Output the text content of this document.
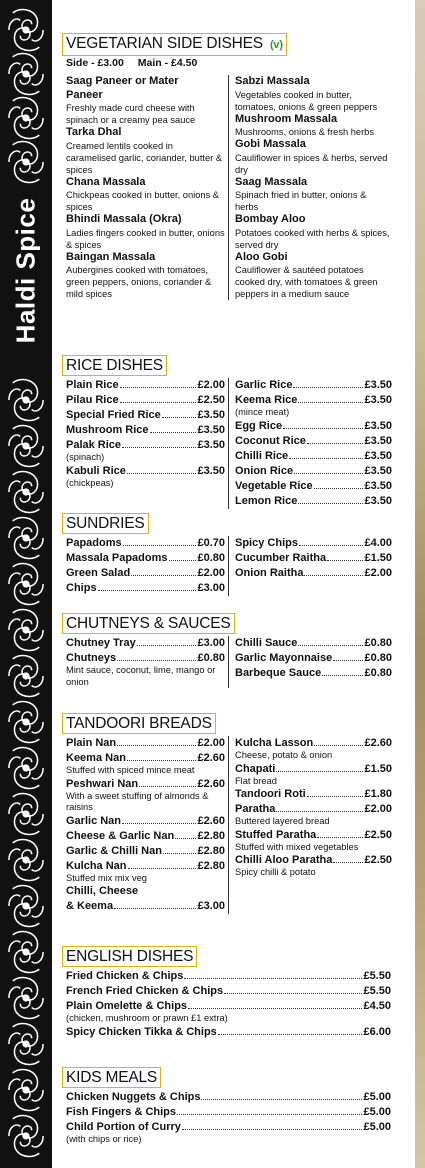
Haldi Spice
VEGETARIAN SIDE DISHES (v)
Side - £3.00 Main - £4.50
Saag Paneer or Mater Paneer
Freshly made curd cheese with spinach or a creamy pea sauce
Tarka Dhal
Creamed lentils cooked in caramelised garlic, coriander, butter & spices
Chana Massala
Chickpeas cooked in butter, onions & spices
Bhindi Massala (Okra)
Ladies fingers cooked in butter, onions & spices
Baingan Massala
Aubergines cooked with tomatoes, green peppers, onions, coriander & mild spices
Sabzi Massala
Vegetables cooked in butter, tomatoes, onions & green peppers
Mushroom Massala
Mushrooms, onions & fresh herbs
Gobi Massala
Cauliflower in spices & herbs, served dry
Saag Massala
Spinach fried in butter, onions & herbs
Bombay Aloo
Potatoes cooked with herbs & spices, served dry
Aloo Gobi
Cauliflower & sautéed potatoes cooked dry, with tomatoes & green peppers in a medium sauce
RICE DISHES
Plain Rice	£2.00
Pilau Rice	£2.50
Special Fried Rice	£3.50
Mushroom Rice	£3.50
Palak Rice	£3.50
(spinach)
Kabuli Rice	£3.50
(chickpeas)
Garlic Rice	£3.50
Keema Rice	£3.50
(mince meat)
Egg Rice	£3.50
Coconut Rice	£3.50
Chilli Rice	£3.50
Onion Rice	£3.50
Vegetable Rice	£3.50
Lemon Rice	£3.50
SUNDRIES
Papadoms	£0.70
Massala Papadoms	£0.80
Green Salad	£2.00
Chips	£3.00
Spicy Chips	£4.00
Cucumber Raitha	£1.50
Onion Raitha	£2.00
CHUTNEYS & SAUCES
Chutney Tray	£3.00
Chutneys	£0.80
Mint sauce, coconut, lime, mango or onion
Chilli Sauce	£0.80
Garlic Mayonnaise	£0.80
Barbeque Sauce	£0.80
TANDOORI BREADS
Plain Nan	£2.00
Keema Nan	£2.60
Stuffed with spiced mince meat
Peshwari Nan	£2.60
With a sweet stuffing of almonds & raisins
Garlic Nan	£2.60
Cheese & Garlic Nan £2.80
Garlic & Chilli Nan	£2.80
Kulcha Nan	£2.80
Stuffed mix mix veg
Chilli, Cheese
& Keema	£3.00
Kulcha Lasson	£2.60
Cheese, potato & onion
Chapati	£1.50
Flat bread
Tandoori Roti	£1.80
Paratha	£2.00
Buttered layered bread
Stuffed Paratha	£2.50
Stuffed with mixed vegetables
Chilli Aloo Paratha	£2.50
Spicy chilli & potato
ENGLISH DISHES
Fried Chicken & Chips	£5.50
French Fried Chicken & Chips	£5.50
Plain Omelette & Chips	£4.50
(chicken, mushroom or prawn £1 extra)
Spicy Chicken Tikka & Chips	£6.00
KIDS MEALS
Chicken Nuggets & Chips	£5.00
Fish Fingers & Chips	£5.00
Child Portion of Curry	£5.00
(with chips or rice)
